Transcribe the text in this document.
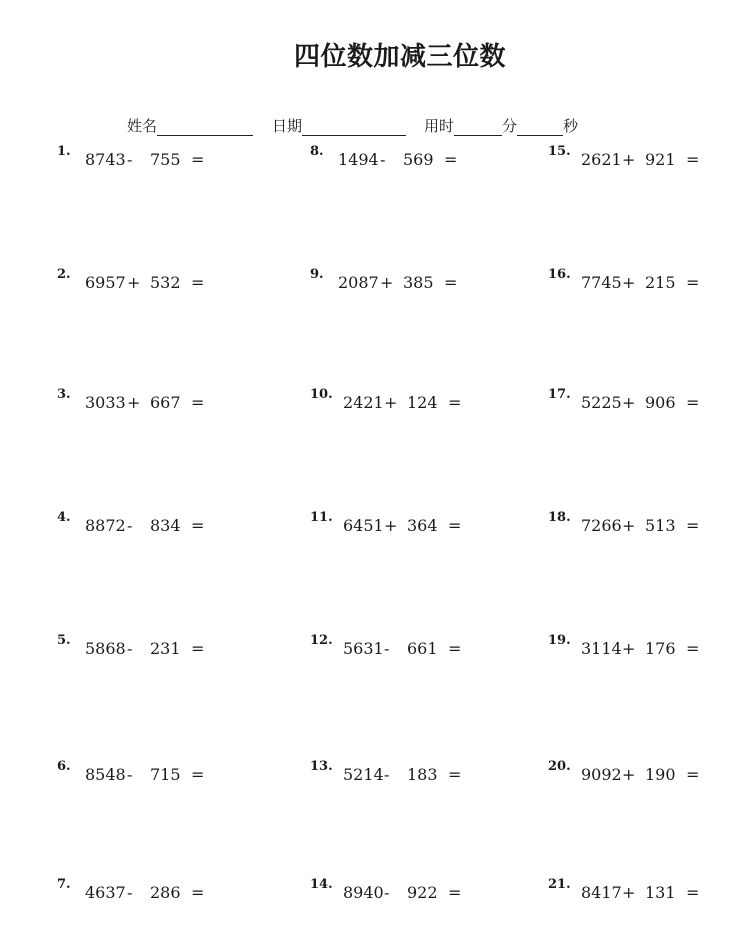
四位数加减三位数
姓名	日期	用时	分	秒
1. 8743 - 755 =
2. 6957 + 532 =
3. 3033 + 667 =
4. 8872 - 834 =
5. 5868 - 231 =
6. 8548 - 715 =
7. 4637 - 286 =
8. 1494 - 569 =
9. 2087 + 385 =
10. 2421 + 124 =
11. 6451 + 364 =
12. 5631 - 661 =
13. 5214 - 183 =
14. 8940 - 922 =
15. 2621 + 921 =
16. 7745 + 215 =
17. 5225 + 906 =
18. 7266 + 513 =
19. 3114 + 176 =
20. 9092 + 190 =
21. 8417 + 131 =
